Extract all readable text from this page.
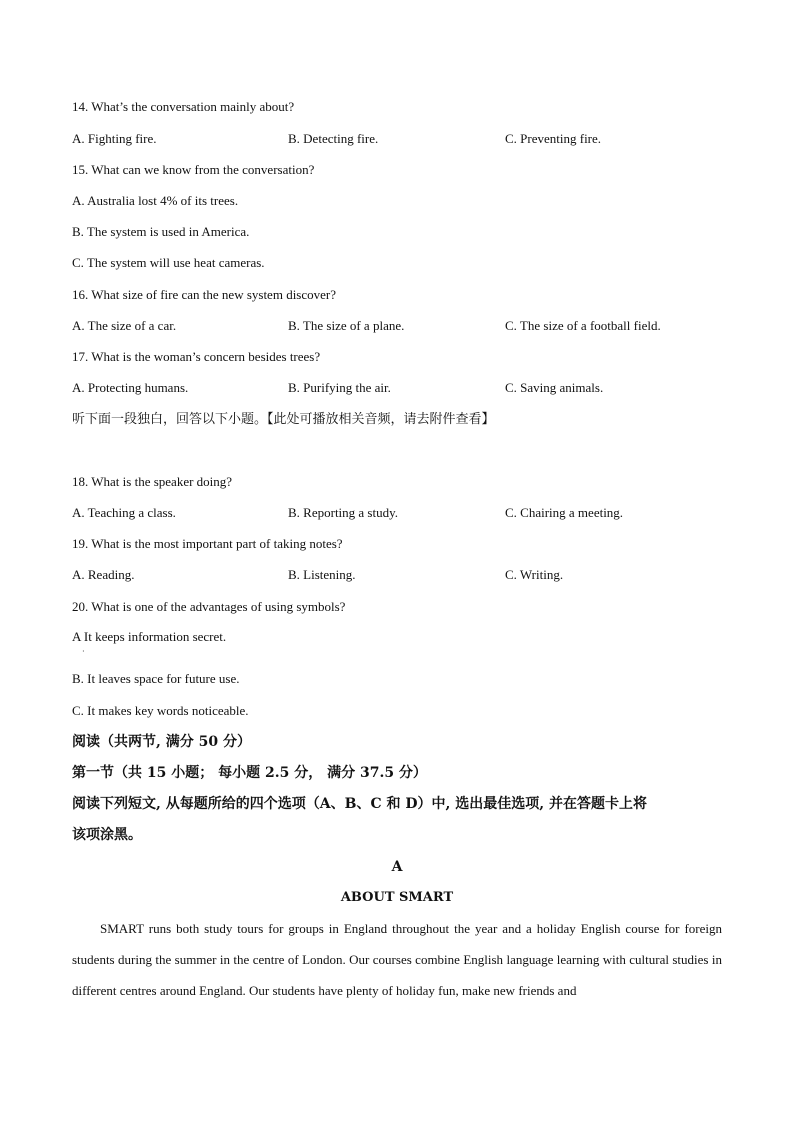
14. What’s the conversation mainly about?
A. Fighting fire.	B. Detecting fire.	C. Preventing fire.
15. What can we know from the conversation?
A. Australia lost 4% of its trees.
B. The system is used in America.
C. The system will use heat cameras.
16. What size of fire can the new system discover?
A. The size of a car.	B. The size of a plane.	C. The size of a football field.
17. What is the woman’s concern besides trees?
A. Protecting humans.	B. Purifying the air.	C. Saving animals.
听下面一段独白，回答以下小题。【此处可播放相关音频，请去附件查看】
18. What is the speaker doing?
A. Teaching a class.	B. Reporting a study.	C. Chairing a meeting.
19. What is the most important part of taking notes?
A. Reading.	B. Listening.	C. Writing.
20. What is one of the advantages of using symbols?
A It keeps information secret.
·
B. It leaves space for future use.
C. It makes key words noticeable.
阅读（共两节, 满分 50 分）
第一节（共 15 小题； 每小题 2.5 分， 满分 37.5 分）
阅读下列短文, 从每题所给的四个选项（A、B、C 和 D）中, 选出最佳选项, 并在答题卡上将
该项涂黑。
A
ABOUT SMART
SMART runs both study tours for groups in England throughout the year and a holiday English course for foreign students during the summer in the centre of London. Our courses combine English language learning with cultural studies in different centres around England. Our students have plenty of holiday fun, make new friends and
